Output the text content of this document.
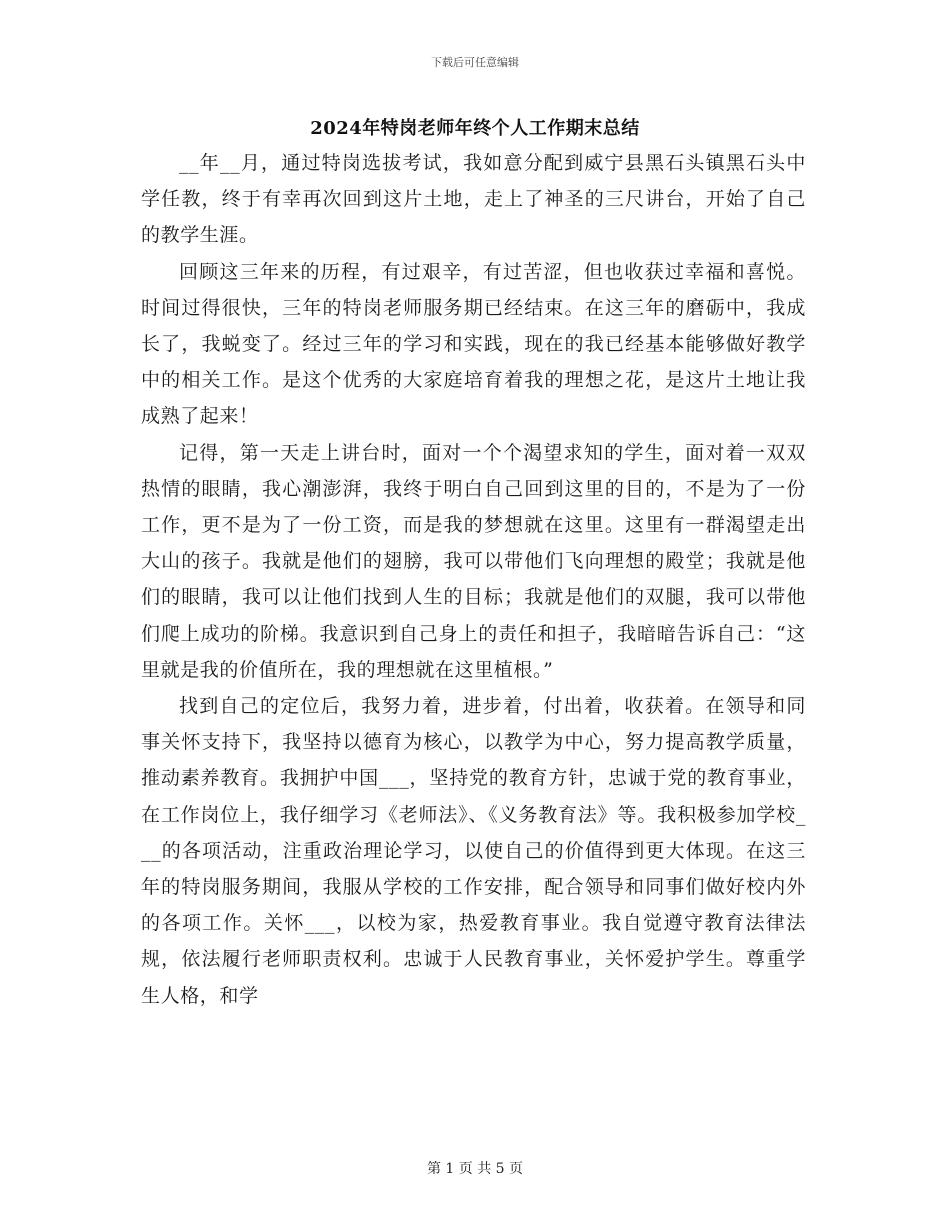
下载后可任意编辑
2024年特岗老师年终个人工作期末总结

__年__月，通过特岗选拔考试，我如意分配到威宁县黑石头镇黑石头中学任教，终于有幸再次回到这片土地，走上了神圣的三尺讲台，开始了自己的教学生涯。

回顾这三年来的历程，有过艰辛，有过苦涩，但也收获过幸福和喜悦。时间过得很快，三年的特岗老师服务期已经结束。在这三年的磨砺中，我成长了，我蜕变了。经过三年的学习和实践，现在的我已经基本能够做好教学中的相关工作。是这个优秀的大家庭培育着我的理想之花，是这片土地让我成熟了起来！

记得，第一天走上讲台时，面对一个个渴望求知的学生，面对着一双双热情的眼睛，我心潮澎湃，我终于明白自己回到这里的目的，不是为了一份工作，更不是为了一份工资，而是我的梦想就在这里。这里有一群渴望走出大山的孩子。我就是他们的翅膀，我可以带他们飞向理想的殿堂；我就是他们的眼睛，我可以让他们找到人生的目标；我就是他们的双腿，我可以带他们爬上成功的阶梯。我意识到自己身上的责任和担子，我暗暗告诉自己：“这里就是我的价值所在，我的理想就在这里植根。”

找到自己的定位后，我努力着，进步着，付出着，收获着。在领导和同事关怀支持下，我坚持以德育为核心，以教学为中心，努力提高教学质量，推动素养教育。我拥护中国___，坚持党的教育方针，忠诚于党的教育事业，在工作岗位上，我仔细学习《老师法》、《义务教育法》等。我积极参加学校___的各项活动，注重政治理论学习，以使自己的价值得到更大体现。在这三年的特岗服务期间，我服从学校的工作安排，配合领导和同事们做好校内外的各项工作。关怀___，以校为家，热爱教育事业。我自觉遵守教育法律法规，依法履行老师职责权利。忠诚于人民教育事业，关怀爱护学生。尊重学生人格，和学

第 1 页 共 5 页
